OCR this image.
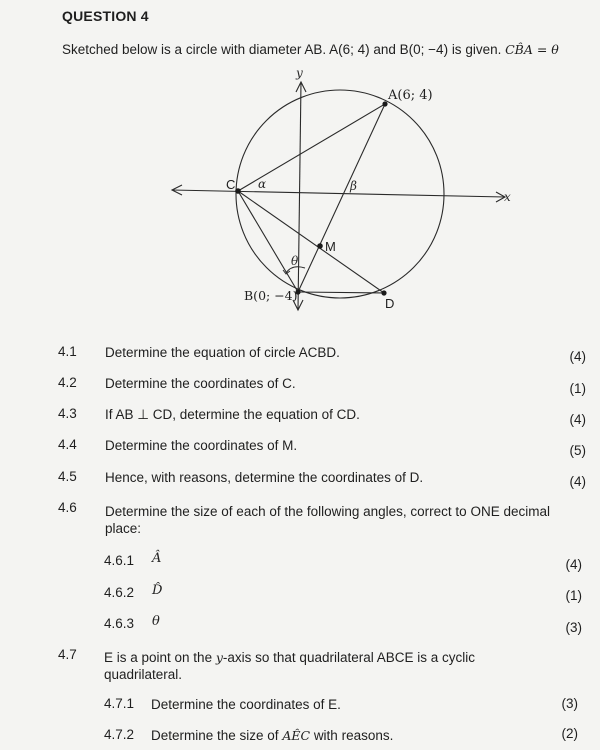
QUESTION 4
Sketched below is a circle with diameter AB. A(6; 4) and B(0; −4) is given. CB̂A = θ
y
x
A(6; 4)
B(0; −4)
C
D
M
α	β
θ
4.1 Determine the equation of circle ACBD.	(4)
4.2 Determine the coordinates of C.	(1)
4.3 If AB ⊥ CD, determine the equation of CD.	(4)
4.4 Determine the coordinates of M.	(5)
4.5 Hence, with reasons, determine the coordinates of D.	(4)
4.6 Determine the size of each of the following angles, correct to ONE decimal
place:
4.6.1 Â	(4)
4.6.2 D̂	(1)
4.6.3 θ	(3)
4.7 E is a point on the y-axis so that quadrilateral ABCE is a cyclic
quadrilateral.
4.7.1 Determine the coordinates of E.	(3)
4.7.2 Determine the size of AÊC with reasons.	(2)
